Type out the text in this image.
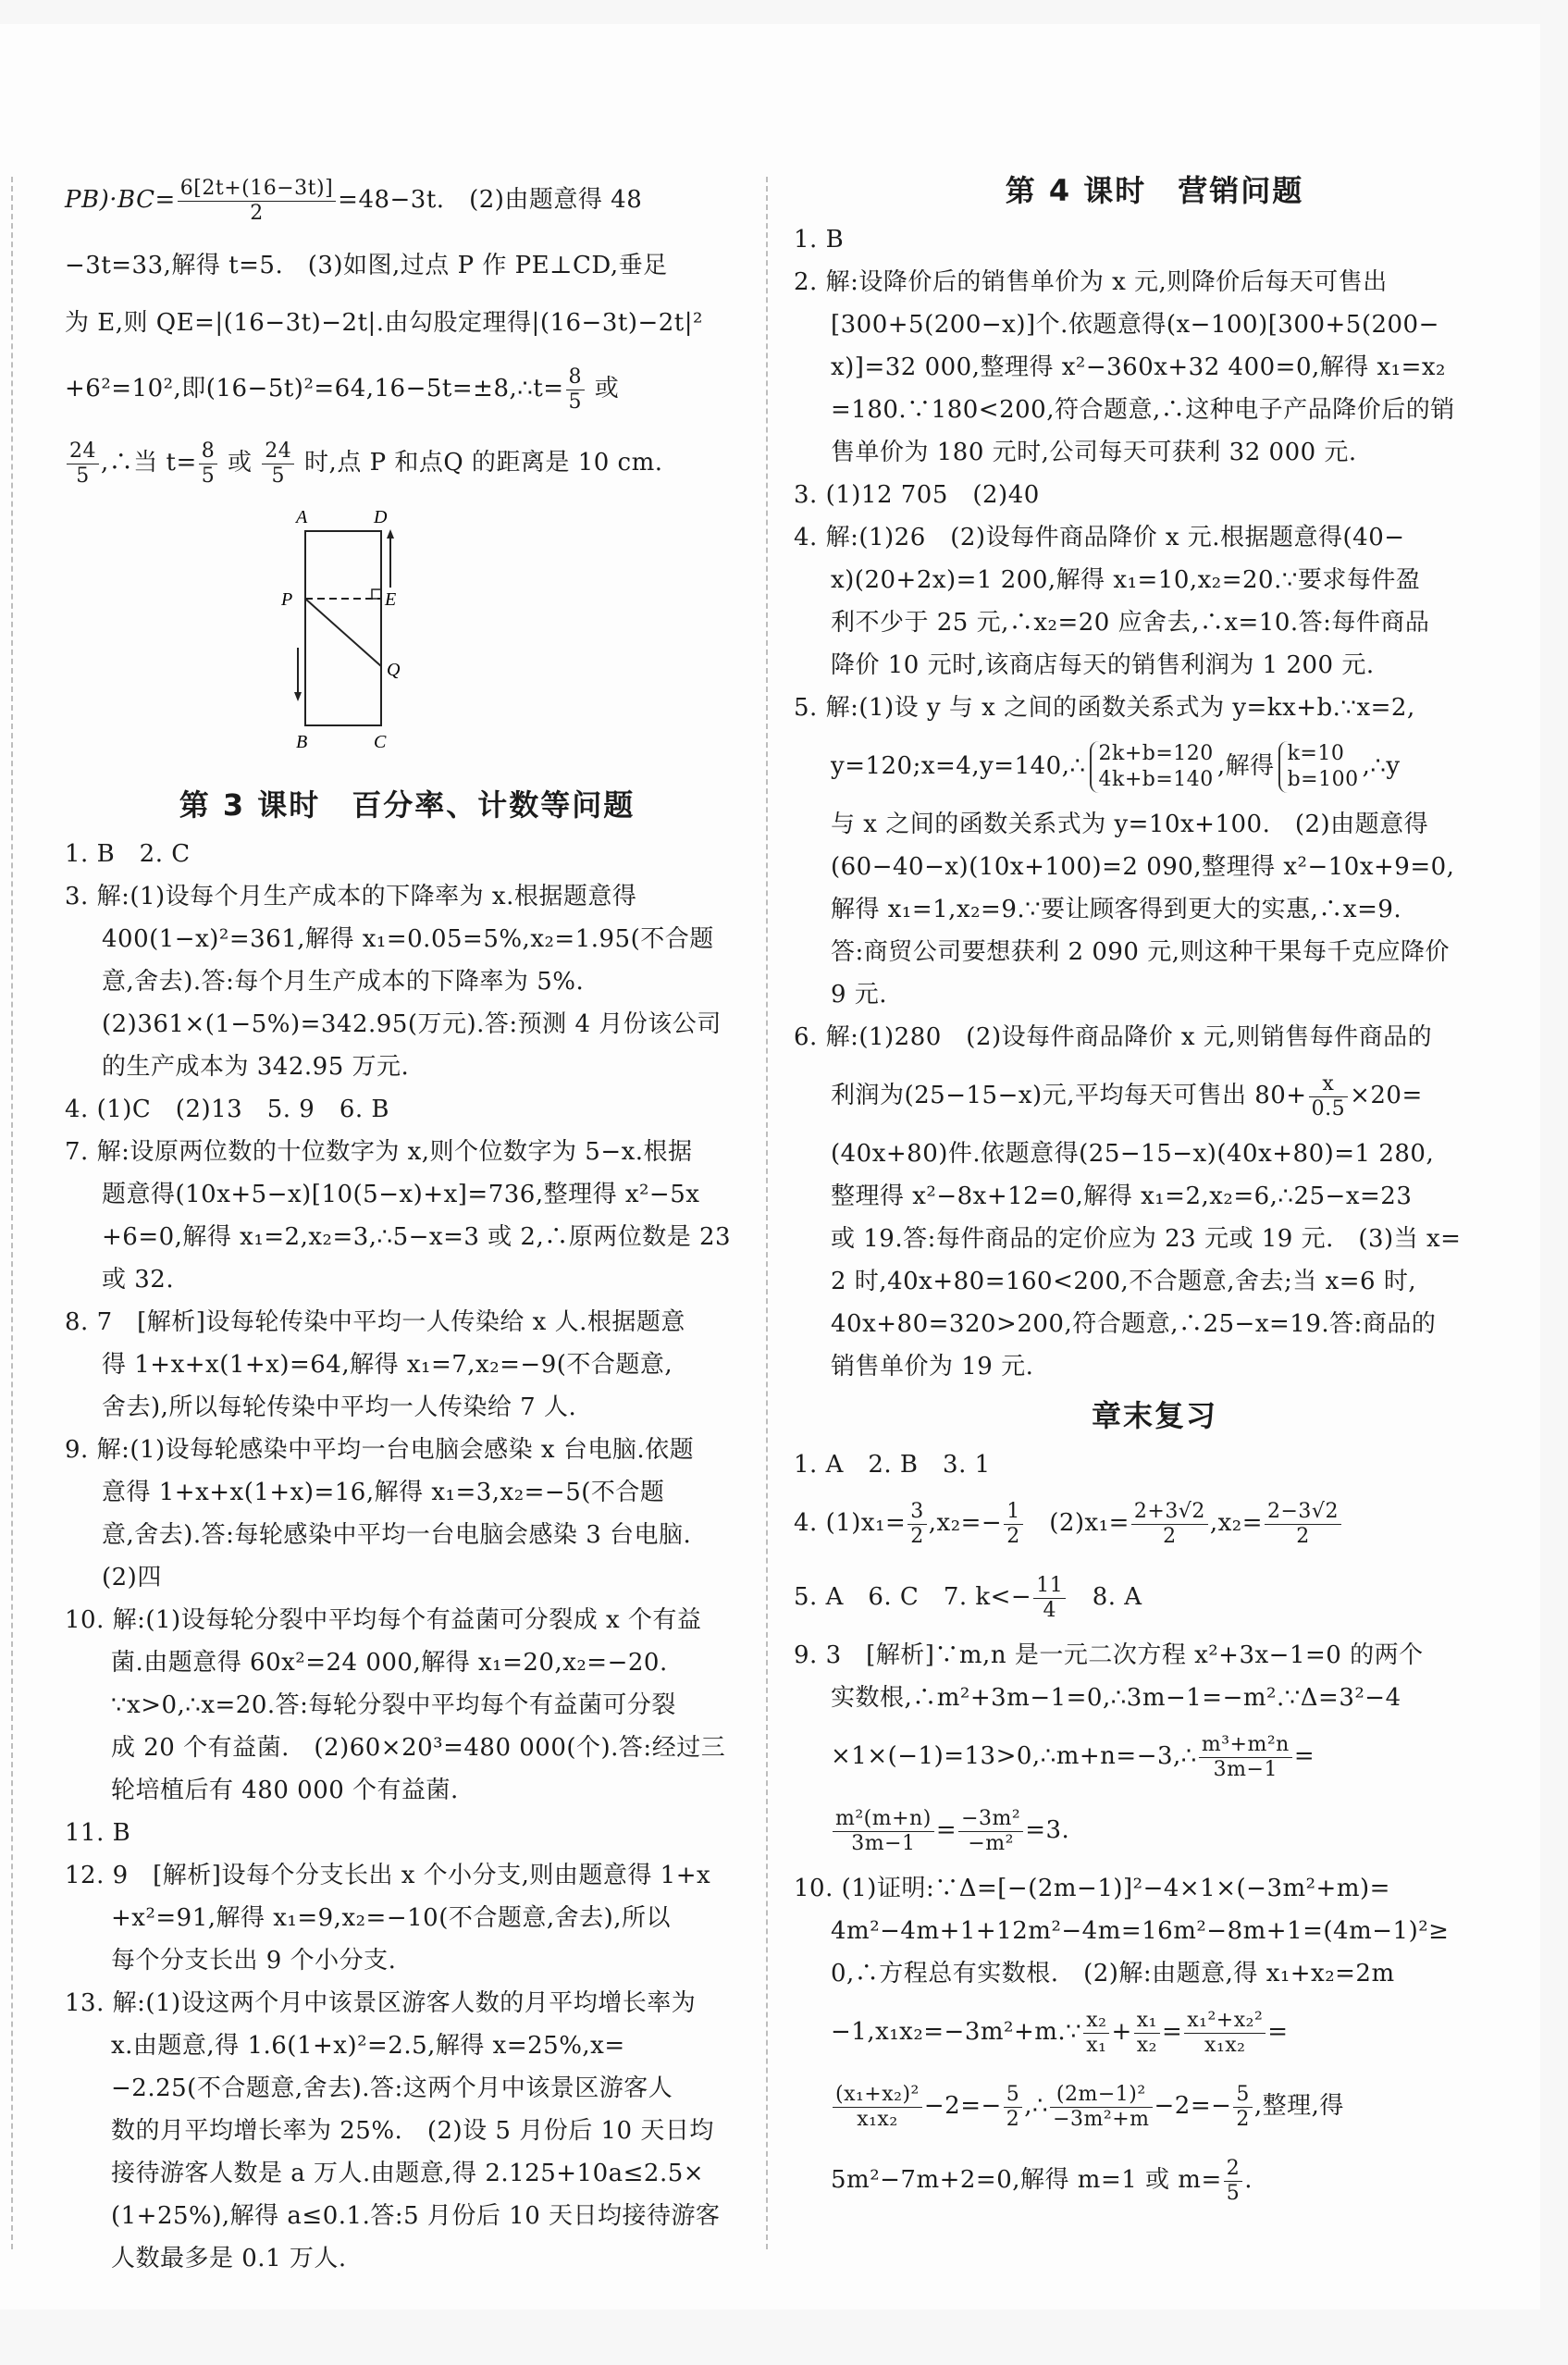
$PB)\cdot BC= \frac{6[2t+(16-3t)]}{2} =48-3t$.　(2)由题意得 48
−3t=33,解得 t=5.　(3)如图,过点 P 作 PE⊥CD,垂足
为 E,则 QE=|(16−3t)−2t|.由勾股定理得|(16−3t)−2t|²
+6²=10²,即(16−5t)²=64,16−5t=±8,∴t= $\frac{8}{5}$ 或
$\frac{24}{5}$ ,∴当 $t= \frac{8}{5}$ 或 $\frac{24}{5}$ 时,点 P 和点Q 的距离是 10 cm.
A	D
P	E
Q
B	C
第 3 课时　百分率、计数等问题
1. B　2. C
3. 解:(1)设每个月生产成本的下降率为 x.根据题意得
400(1−x)²=361,解得 x₁=0.05=5%,x₂=1.95(不合题
意,舍去).答:每个月生产成本的下降率为 5%.
(2)361×(1−5%)=342.95(万元).答:预测 4 月份该公司
的生产成本为 342.95 万元.
4. (1)C　(2)13　5. 9　6. B
7. 解:设原两位数的十位数字为 x,则个位数字为 5−x.根据
题意得(10x+5−x)[10(5−x)+x]=736,整理得 x²−5x
+6=0,解得 x₁=2,x₂=3,∴5−x=3 或 2,∴原两位数是 23
或 32.
8. 7　[解析]设每轮传染中平均一人传染给 x 人.根据题意
得 1+x+x(1+x)=64,解得 x₁=7,x₂=−9(不合题意,
舍去),所以每轮传染中平均一人传染给 7 人.
9. 解:(1)设每轮感染中平均一台电脑会感染 x 台电脑.依题
意得 1+x+x(1+x)=16,解得 x₁=3,x₂=−5(不合题
意,舍去).答:每轮感染中平均一台电脑会感染 3 台电脑.
(2)四
10. 解:(1)设每轮分裂中平均每个有益菌可分裂成 x 个有益
菌.由题意得 60x²=24 000,解得 x₁=20,x₂=−20.
∵x>0,∴x=20.答:每轮分裂中平均每个有益菌可分裂
成 20 个有益菌.　(2)60×20³=480 000(个).答:经过三
轮培植后有 480 000 个有益菌.
11. B
12. 9　[解析]设每个分支长出 x 个小分支,则由题意得 1+x
+x²=91,解得 x₁=9,x₂=−10(不合题意,舍去),所以
每个分支长出 9 个小分支.
13. 解:(1)设这两个月中该景区游客人数的月平均增长率为
x.由题意,得 1.6(1+x)²=2.5,解得 x=25%,x=
−2.25(不合题意,舍去).答:这两个月中该景区游客人
数的月平均增长率为 25%.　(2)设 5 月份后 10 天日均
接待游客人数是 a 万人.由题意,得 2.125+10a≤2.5×
(1+25%),解得 a≤0.1.答:5 月份后 10 天日均接待游客
人数最多是 0.1 万人.
第 4 课时　营销问题
1. B
2. 解:设降价后的销售单价为 x 元,则降价后每天可售出
[300+5(200−x)]个.依题意得(x−100)[300+5(200−
x)]=32 000,整理得 x²−360x+32 400=0,解得 x₁=x₂
=180.∵180<200,符合题意,∴这种电子产品降价后的销
售单价为 180 元时,公司每天可获利 32 000 元.
3. (1)12 705　(2)40
4. 解:(1)26　(2)设每件商品降价 x 元.根据题意得(40−
x)(20+2x)=1 200,解得 x₁=10,x₂=20.∵要求每件盈
利不少于 25 元,∴x₂=20 应舍去,∴x=10.答:每件商品
降价 10 元时,该商店每天的销售利润为 1 200 元.
5. 解:(1)设 y 与 x 之间的函数关系式为 y=kx+b.∵x=2,
y=120;x=4,y=140,∴ 2k+b=120
4k+b=140 ,解得 k=10
b=100 ,∴y
与 x 之间的函数关系式为 y=10x+100.　(2)由题意得
(60−40−x)(10x+100)=2 090,整理得 x²−10x+9=0,
解得 x₁=1,x₂=9.∵要让顾客得到更大的实惠,∴x=9.
答:商贸公司要想获利 2 090 元,则这种干果每千克应降价
9 元.
6. 解:(1)280　(2)设每件商品降价 x 元,则销售每件商品的
利润为(25−15−x)元,平均每天可售出 $80+ \frac{x}{0.5} \times 20=$
(40x+80)件.依题意得(25−15−x)(40x+80)=1 280,
整理得 x²−8x+12=0,解得 x₁=2,x₂=6,∴25−x=23
或 19.答:每件商品的定价应为 23 元或 19 元.　(3)当 x=
2 时,40x+80=160<200,不合题意,舍去;当 x=6 时,
40x+80=320>200,符合题意,∴25−x=19.答:商品的
销售单价为 19 元.
章末复习
1. A　2. B　3. 1
4. $(1)x_1= \frac{3}{2} ,x_2=- \frac{1}{2}$ 　$(2)x_1= \frac{2+3√2}{2} ,x_2= \frac{2-3√2}{2}$
5. A　6. C　7. $k<- \frac{11}{4}$ 　8. A
9. 3　[解析]∵m,n 是一元二次方程 x²+3x−1=0 的两个
实数根,∴m²+3m−1=0,∴3m−1=−m².∵Δ=3²−4
×1×(−1)=13>0,∴m+n=−3,∴ $\frac{\text{m³+m²n}}{3m-1}$ =
$\frac{\text{m²(m+n)}}{3m-1} = \frac{\text{−3m²}}{\text{−m²}} =3$.
10. (1)证明:∵Δ=[−(2m−1)]²−4×1×(−3m²+m)=
4m²−4m+1+12m²−4m=16m²−8m+1=(4m−1)²≥
0,∴方程总有实数根.　(2)解:由题意,得 x₁+x₂=2m
−1,x₁x₂=−3m²+m.∵ $\frac{\text{x₂}}{\text{x₁}} + \frac{\text{x₁}}{\text{x₂}} = \frac{\text{x₁²+x₂²}}{\text{x₁x₂}}$ =
$\frac{\text{(x₁+x₂)²}}{\text{x₁x₂}} -2=- \frac{5}{2}$ ,∴ $\frac{\text{(2m−1)²}}{\text{−3m²+m}} -2=- \frac{5}{2}$ ,整理,得
5m²−7m+2=0,解得 m=1 或 $m= \frac{2}{5}$ .
